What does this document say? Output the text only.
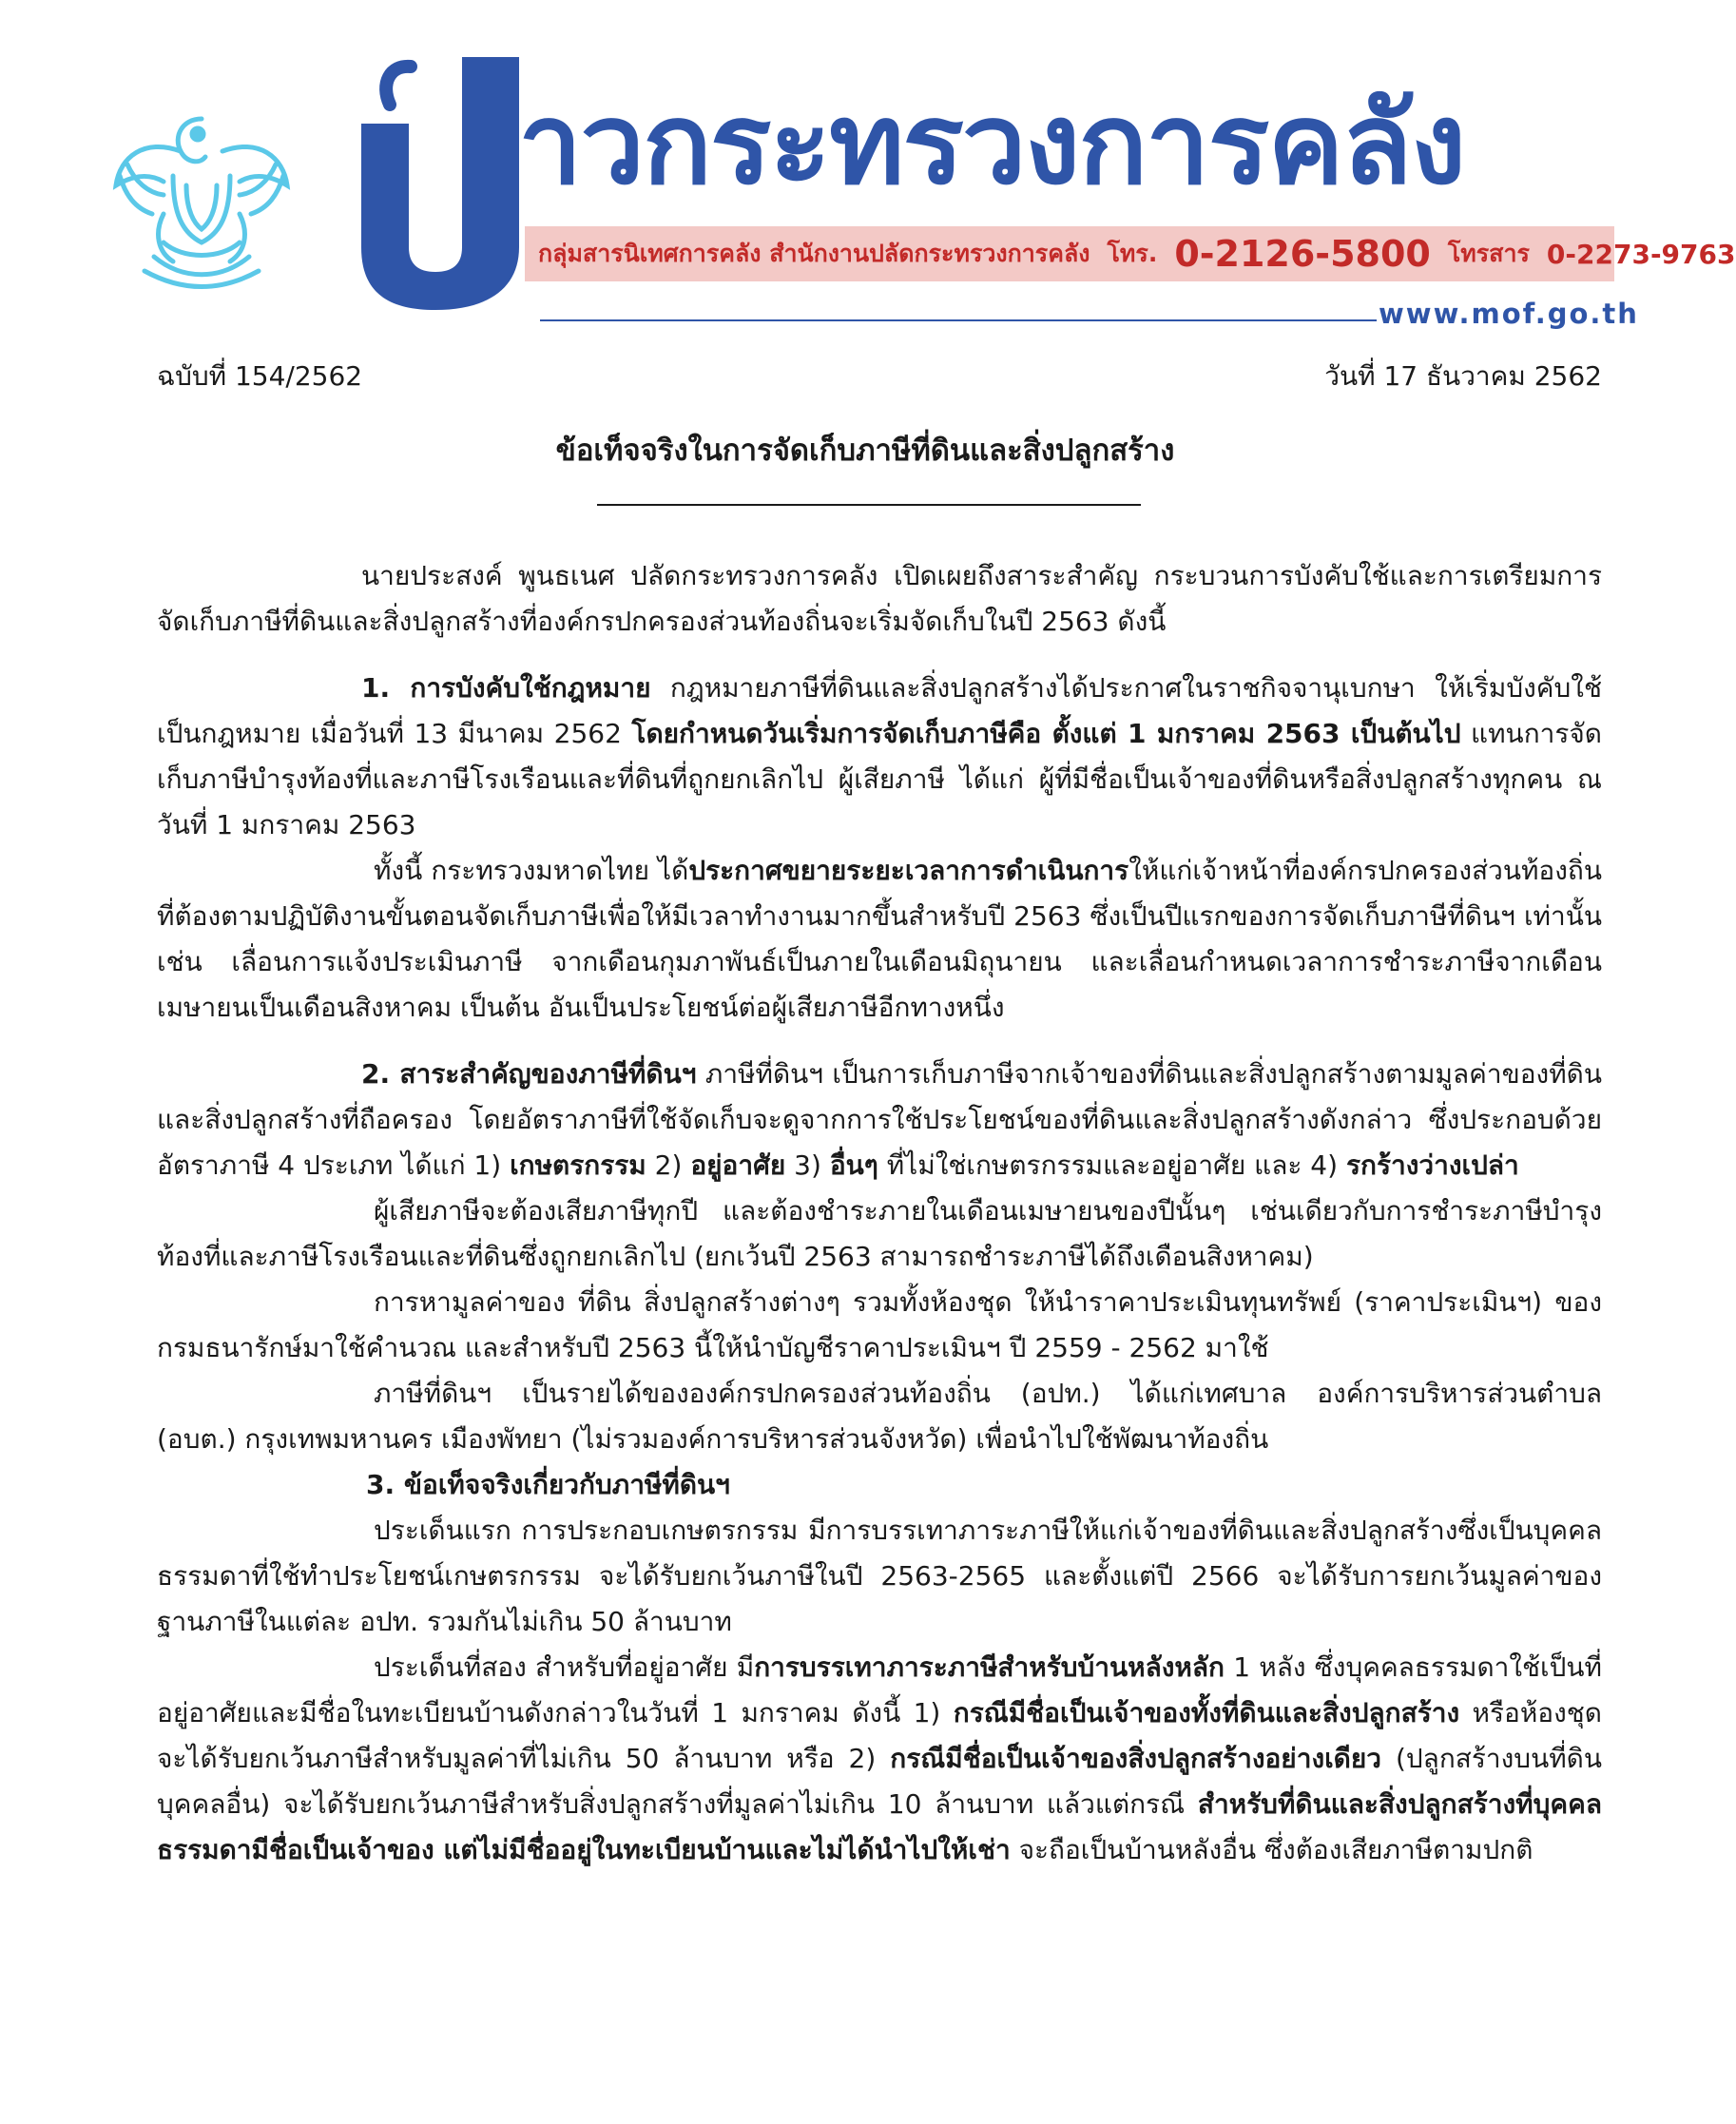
าวกระทรวงการคลัง
กลุ่มสารนิเทศการคลัง สำนักงานปลัดกระทรวงการคลัง โทร. 0-2126-5800 โทรสาร 0-2273-9763
www.mof.go.th
ฉบับที่ 154/2562	วันที่ 17 ธันวาคม 2562
ข้อเท็จจริงในการจัดเก็บภาษีที่ดินและสิ่งปลูกสร้าง

นายประสงค์ พูนธเนศ ปลัดกระทรวงการคลัง เปิดเผยถึงสาระสำคัญ กระบวนการบังคับใช้และการเตรียมการจัดเก็บภาษีที่ดินและสิ่งปลูกสร้างที่องค์กรปกครองส่วนท้องถิ่นจะเริ่มจัดเก็บในปี 2563 ดังนี้

1. การบังคับใช้กฎหมาย กฎหมายภาษีที่ดินและสิ่งปลูกสร้างได้ประกาศในราชกิจจานุเบกษา ให้เริ่มบังคับใช้เป็นกฎหมาย เมื่อวันที่ 13 มีนาคม 2562 โดยกำหนดวันเริ่มการจัดเก็บภาษีคือ ตั้งแต่ 1 มกราคม 2563 เป็นต้นไป แทนการจัดเก็บภาษีบำรุงท้องที่และภาษีโรงเรือนและที่ดินที่ถูกยกเลิกไป ผู้เสียภาษี ได้แก่ ผู้ที่มีชื่อเป็นเจ้าของที่ดินหรือสิ่งปลูกสร้างทุกคน ณ วันที่ 1 มกราคม 2563

ทั้งนี้ กระทรวงมหาดไทย ได้ประกาศขยายระยะเวลาการดำเนินการให้แก่เจ้าหน้าที่องค์กรปกครองส่วนท้องถิ่นที่ต้องตามปฏิบัติงานขั้นตอนจัดเก็บภาษีเพื่อให้มีเวลาทำงานมากขึ้นสำหรับปี 2563 ซึ่งเป็นปีแรกของการจัดเก็บภาษีที่ดินฯ เท่านั้น เช่น เลื่อนการแจ้งประเมินภาษี จากเดือนกุมภาพันธ์เป็นภายในเดือนมิถุนายน และเลื่อนกำหนดเวลาการชำระภาษีจากเดือนเมษายนเป็นเดือนสิงหาคม เป็นต้น อันเป็นประโยชน์ต่อผู้เสียภาษีอีกทางหนึ่ง

2. สาระสำคัญของภาษีที่ดินฯ ภาษีที่ดินฯ เป็นการเก็บภาษีจากเจ้าของที่ดินและสิ่งปลูกสร้างตามมูลค่าของที่ดินและสิ่งปลูกสร้างที่ถือครอง โดยอัตราภาษีที่ใช้จัดเก็บจะดูจากการใช้ประโยชน์ของที่ดินและสิ่งปลูกสร้างดังกล่าว ซึ่งประกอบด้วยอัตราภาษี 4 ประเภท ได้แก่ 1) เกษตรกรรม 2) อยู่อาศัย 3) อื่นๆ ที่ไม่ใช่เกษตรกรรมและอยู่อาศัย และ 4) รกร้างว่างเปล่า

ผู้เสียภาษีจะต้องเสียภาษีทุกปี และต้องชำระภายในเดือนเมษายนของปีนั้นๆ เช่นเดียวกับการชำระภาษีบำรุงท้องที่และภาษีโรงเรือนและที่ดินซึ่งถูกยกเลิกไป (ยกเว้นปี 2563 สามารถชำระภาษีได้ถึงเดือนสิงหาคม)

การหามูลค่าของ ที่ดิน สิ่งปลูกสร้างต่างๆ รวมทั้งห้องชุด ให้นำราคาประเมินทุนทรัพย์ (ราคาประเมินฯ) ของกรมธนารักษ์มาใช้คำนวณ และสำหรับปี 2563 นี้ให้นำบัญชีราคาประเมินฯ ปี 2559 - 2562 มาใช้

ภาษีที่ดินฯ เป็นรายได้ขององค์กรปกครองส่วนท้องถิ่น (อปท.) ได้แก่เทศบาล องค์การบริหารส่วนตำบล (อบต.) กรุงเทพมหานคร เมืองพัทยา (ไม่รวมองค์การบริหารส่วนจังหวัด) เพื่อนำไปใช้พัฒนาท้องถิ่น

3. ข้อเท็จจริงเกี่ยวกับภาษีที่ดินฯ

ประเด็นแรก การประกอบเกษตรกรรม มีการบรรเทาภาระภาษีให้แก่เจ้าของที่ดินและสิ่งปลูกสร้างซึ่งเป็นบุคคลธรรมดาที่ใช้ทำประโยชน์เกษตรกรรม จะได้รับยกเว้นภาษีในปี 2563-2565 และตั้งแต่ปี 2566 จะได้รับการยกเว้นมูลค่าของฐานภาษีในแต่ละ อปท. รวมกันไม่เกิน 50 ล้านบาท

ประเด็นที่สอง สำหรับที่อยู่อาศัย มีการบรรเทาภาระภาษีสำหรับบ้านหลังหลัก 1 หลัง ซึ่งบุคคลธรรมดาใช้เป็นที่อยู่อาศัยและมีชื่อในทะเบียนบ้านดังกล่าวในวันที่ 1 มกราคม ดังนี้ 1) กรณีมีชื่อเป็นเจ้าของทั้งที่ดินและสิ่งปลูกสร้าง หรือห้องชุด จะได้รับยกเว้นภาษีสำหรับมูลค่าที่ไม่เกิน 50 ล้านบาท หรือ 2) กรณีมีชื่อเป็นเจ้าของสิ่งปลูกสร้างอย่างเดียว (ปลูกสร้างบนที่ดินบุคคลอื่น) จะได้รับยกเว้นภาษีสำหรับสิ่งปลูกสร้างที่มูลค่าไม่เกิน 10 ล้านบาท แล้วแต่กรณี สำหรับที่ดินและสิ่งปลูกสร้างที่บุคคลธรรมดามีชื่อเป็นเจ้าของ แต่ไม่มีชื่ออยู่ในทะเบียนบ้านและไม่ได้นำไปให้เช่า จะถือเป็นบ้านหลังอื่น ซึ่งต้องเสียภาษีตามปกติ
